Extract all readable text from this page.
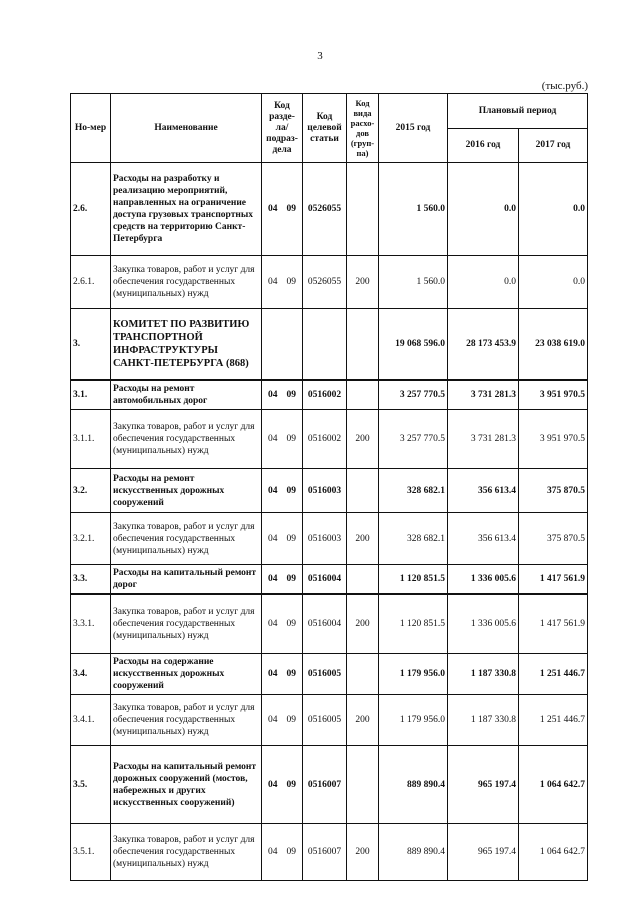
3
(тыс.руб.)
Но-мер	Наименование	Код разде-ла/ подраз-дела	Код целевой статьи	Код вида расхо-дов (груп-па)	2015 год	Плановый период	
						2016 год	2017 год
2.6.	Расходы на разработку и реализацию мероприятий, направленных на ограничение доступа грузовых транспортных средств на территорию Санкт-Петербурга	04 09	0526055		1 560.0	0.0	0.0
2.6.1.	Закупка товаров, работ и услуг для обеспечения государственных (муниципальных) нужд	04 09	0526055	200	1 560.0	0.0	0.0
3.	КОМИТЕТ ПО РАЗВИТИЮ ТРАНСПОРТНОЙ ИНФРАСТРУКТУРЫ САНКТ-ПЕТЕРБУРГА (868)				19 068 596.0	28 173 453.9	23 038 619.0
3.1.	Расходы на ремонт автомобильных дорог	04 09	0516002		3 257 770.5	3 731 281.3	3 951 970.5
3.1.1.	Закупка товаров, работ и услуг для обеспечения государственных (муниципальных) нужд	04 09	0516002	200	3 257 770.5	3 731 281.3	3 951 970.5
3.2.	Расходы на ремонт искусственных дорожных сооружений	04 09	0516003		328 682.1	356 613.4	375 870.5
3.2.1.	Закупка товаров, работ и услуг для обеспечения государственных (муниципальных) нужд	04 09	0516003	200	328 682.1	356 613.4	375 870.5
3.3.	Расходы на капитальный ремонт дорог	04 09	0516004		1 120 851.5	1 336 005.6	1 417 561.9
3.3.1.	Закупка товаров, работ и услуг для обеспечения государственных (муниципальных) нужд	04 09	0516004	200	1 120 851.5	1 336 005.6	1 417 561.9
3.4.	Расходы на содержание искусственных дорожных сооружений	04 09	0516005		1 179 956.0	1 187 330.8	1 251 446.7
3.4.1.	Закупка товаров, работ и услуг для обеспечения государственных (муниципальных) нужд	04 09	0516005	200	1 179 956.0	1 187 330.8	1 251 446.7
3.5.	Расходы на капитальный ремонт дорожных сооружений (мостов, набережных и других искусственных сооружений)	04 09	0516007		889 890.4	965 197.4	1 064 642.7
3.5.1.	Закупка товаров, работ и услуг для обеспечения государственных (муниципальных) нужд	04 09	0516007	200	889 890.4	965 197.4	1 064 642.7
